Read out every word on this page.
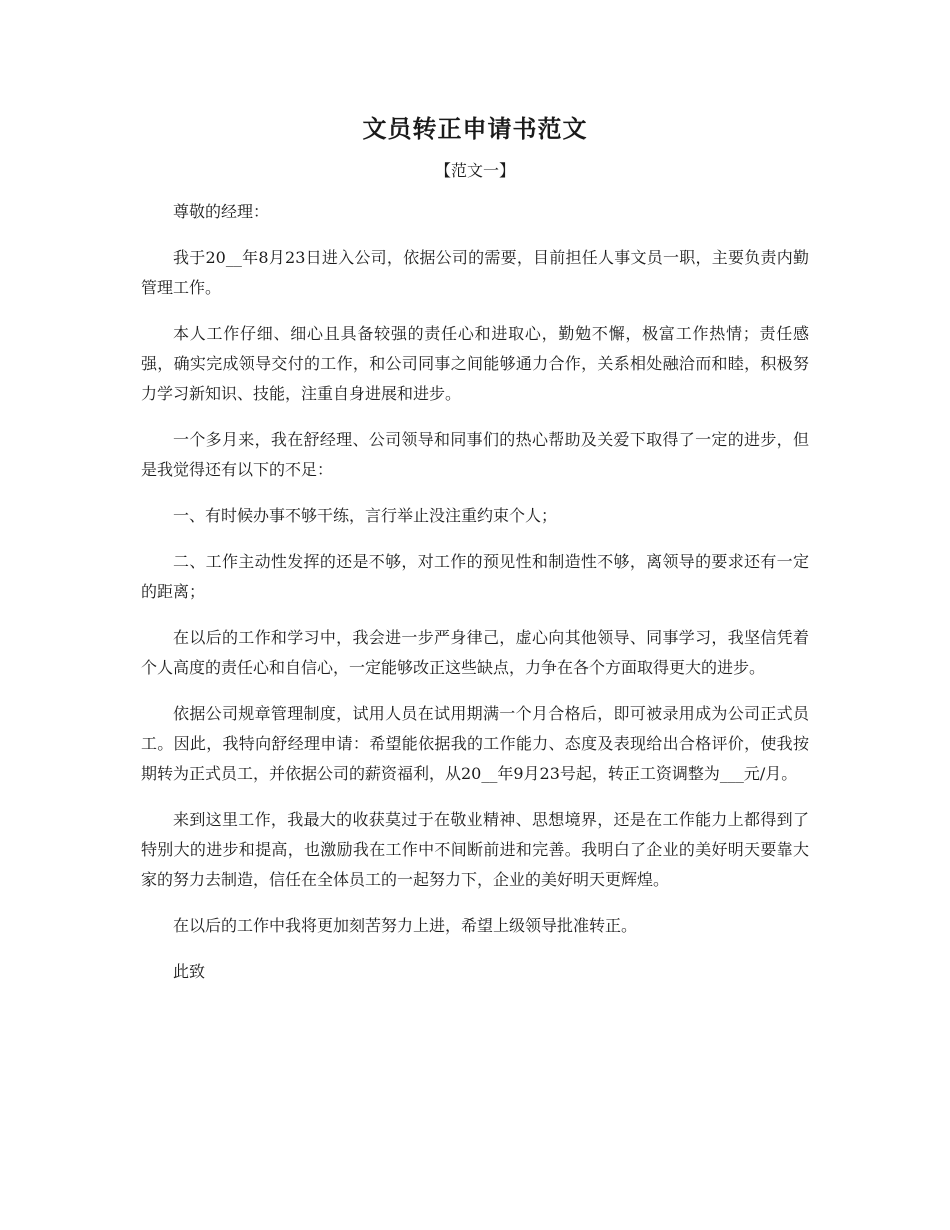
文员转正申请书范文
【范文一】

尊敬的经理：

我于20__年8月23日进入公司，依据公司的需要，目前担任人事文员一职，主要负责内勤管理工作。

本人工作仔细、细心且具备较强的责任心和进取心，勤勉不懈，极富工作热情；责任感强，确实完成领导交付的工作，和公司同事之间能够通力合作，关系相处融洽而和睦，积极努力学习新知识、技能，注重自身进展和进步。

一个多月来，我在舒经理、公司领导和同事们的热心帮助及关爱下取得了一定的进步，但是我觉得还有以下的不足：

一、有时候办事不够干练，言行举止没注重约束个人；

二、工作主动性发挥的还是不够，对工作的预见性和制造性不够，离领导的要求还有一定的距离；

在以后的工作和学习中，我会进一步严身律己，虚心向其他领导、同事学习，我坚信凭着个人高度的责任心和自信心，一定能够改正这些缺点，力争在各个方面取得更大的进步。

依据公司规章管理制度，试用人员在试用期满一个月合格后，即可被录用成为公司正式员工。因此，我特向舒经理申请：希望能依据我的工作能力、态度及表现给出合格评价，使我按期转为正式员工，并依据公司的薪资福利，从20__年9月23号起，转正工资调整为___元/月。

来到这里工作，我最大的收获莫过于在敬业精神、思想境界，还是在工作能力上都得到了特别大的进步和提高，也激励我在工作中不间断前进和完善。我明白了企业的美好明天要靠大家的努力去制造，信任在全体员工的一起努力下，企业的美好明天更辉煌。

在以后的工作中我将更加刻苦努力上进，希望上级领导批准转正。

此致
